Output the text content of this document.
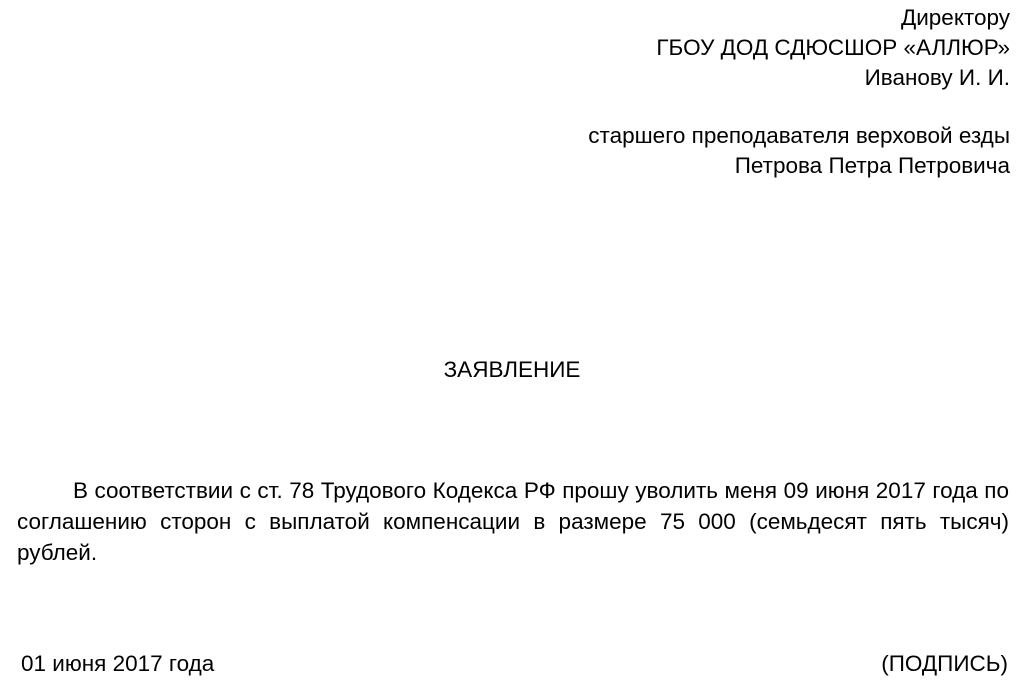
Директору
ГБОУ ДОД СДЮСШОР «АЛЛЮР»
Иванову И. И.
старшего преподавателя верховой езды
Петрова Петра Петровича
ЗАЯВЛЕНИЕ

В соответствии с ст. 78 Трудового Кодекса РФ прошу уволить меня 09 июня 2017 года по соглашению сторон с выплатой компенсации в размере 75 000 (семьдесят пять тысяч) рублей.

01 июня 2017 года	(ПОДПИСЬ)
